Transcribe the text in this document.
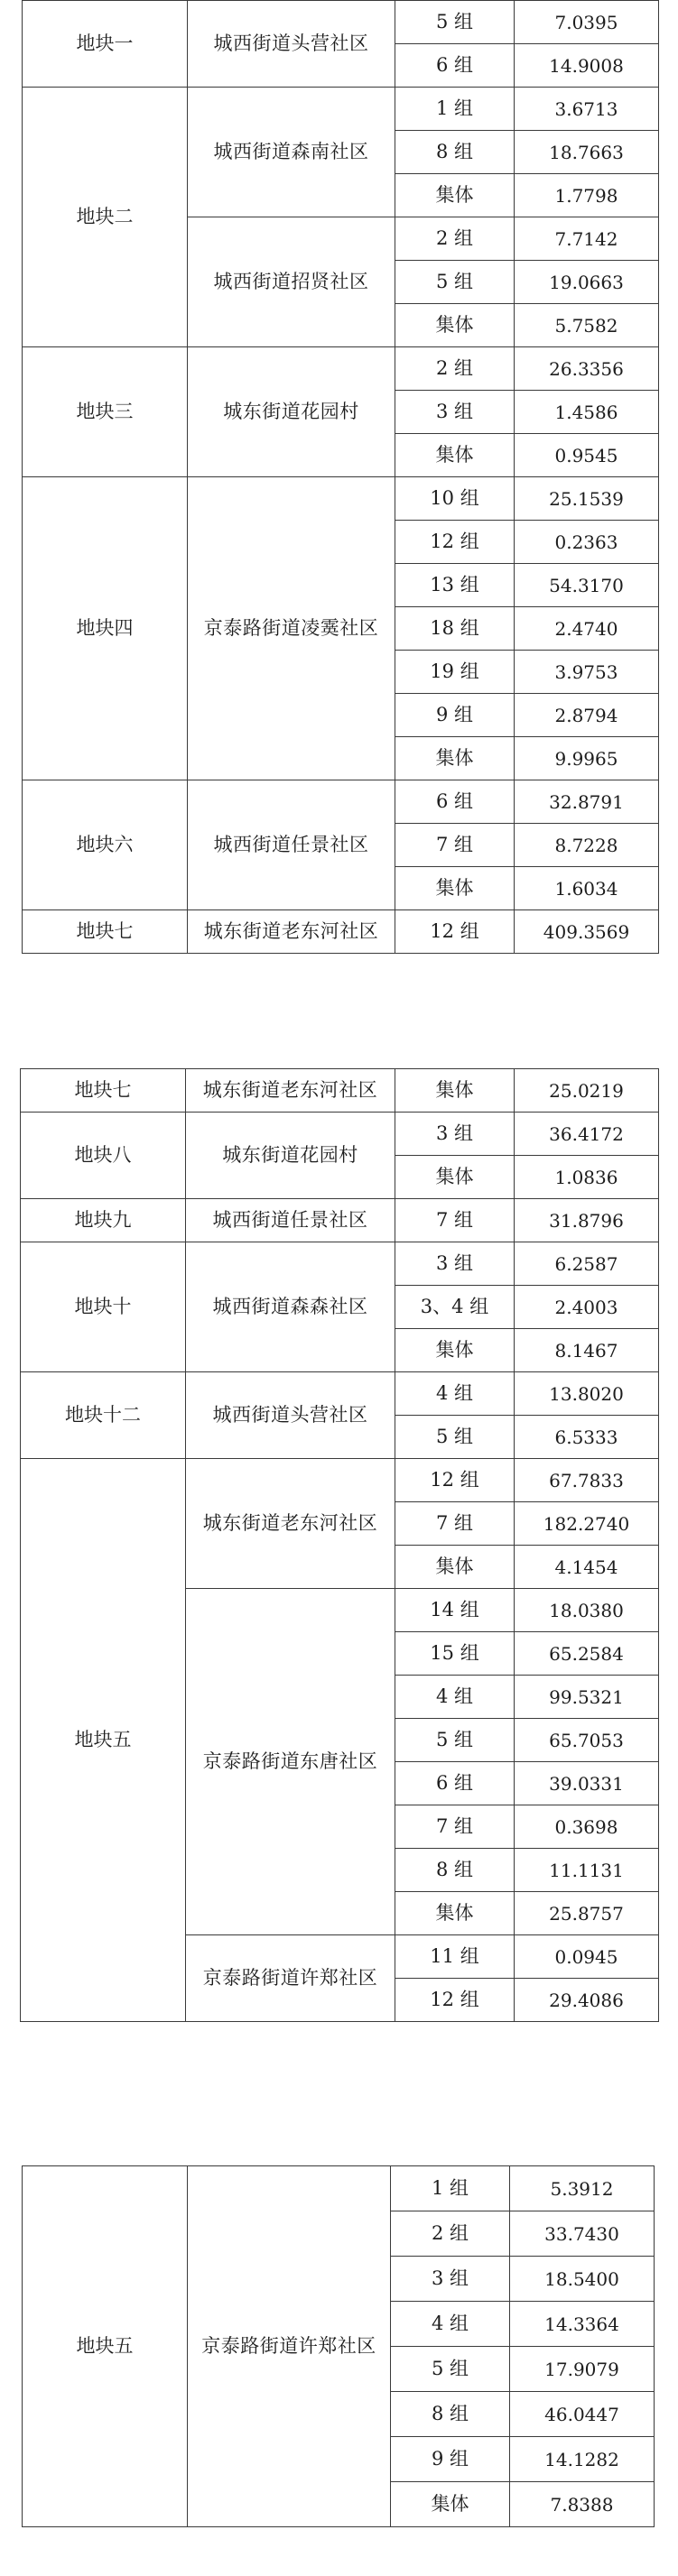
地块一	城西街道头营社区	5 组	7.0395
		6 组	14.9008
地块二	城西街道森南社区	1 组	3.6713
		8 组	18.7663
		集体	1.7798
	城西街道招贤社区	2 组	7.7142
		5 组	19.0663
		集体	5.7582
地块三	城东街道花园村	2 组	26.3356
		3 组	1.4586
		集体	0.9545
地块四	京泰路街道凌霙社区	10 组	25.1539
		12 组	0.2363
		13 组	54.3170
		18 组	2.4740
		19 组	3.9753
		9 组	2.8794
		集体	9.9965
地块六	城西街道任景社区	6 组	32.8791
		7 组	8.7228
		集体	1.6034
地块七	城东街道老东河社区	12 组	409.3569
地块七	城东街道老东河社区	集体	25.0219
地块八	城东街道花园村	3 组	36.4172
		集体	1.0836
地块九	城西街道任景社区	7 组	31.8796
地块十	城西街道森森社区	3 组	6.2587
		3、4 组	2.4003
		集体	8.1467
地块十二	城西街道头营社区	4 组	13.8020
		5 组	6.5333
地块五	城东街道老东河社区	12 组	67.7833
		7 组	182.2740
		集体	4.1454
	京泰路街道东唐社区	14 组	18.0380
		15 组	65.2584
		4 组	99.5321
		5 组	65.7053
		6 组	39.0331
		7 组	0.3698
		8 组	11.1131
		集体	25.8757
	京泰路街道许郑社区	11 组	0.0945
		12 组	29.4086
地块五	京泰路街道许郑社区	1 组	5.3912
		2 组	33.7430
		3 组	18.5400
		4 组	14.3364
		5 组	17.9079
		8 组	46.0447
		9 组	14.1282
		集体	7.8388
